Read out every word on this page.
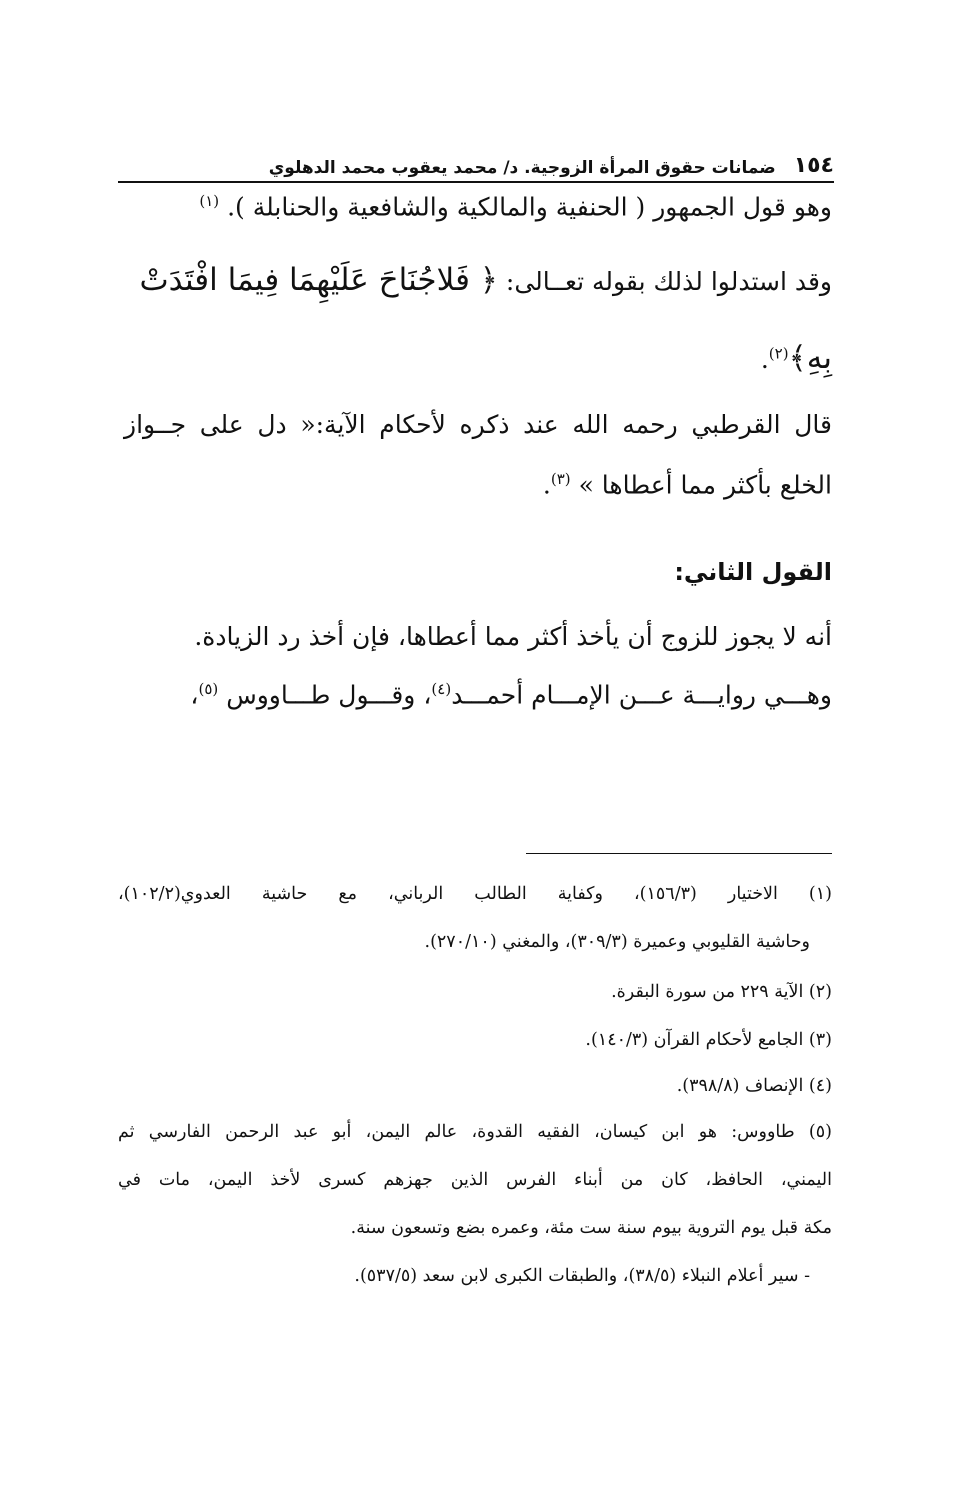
١٥٤
ضمانات حقوق المرأة الزوجية. د/ محمد يعقوب محمد الدهلوي
وهو قول الجمهور ( الحنفية والمالكية والشافعية والحنابلة ). $^{(١)}$
وقد استدلوا لذلك بقوله تعــالى: ﴿ فَلاجُنَاحَ عَلَيْهِمَا فِيمَا افْتَدَتْ
بِهِ﴾$^{(٢)}$.
قال القرطبي رحمه الله عند ذكره لأحكام الآية:« دل على جــواز
الخلع بأكثر مما أعطاها » $^{(٣)}$.
القول الثاني:
أنه لا يجوز للزوج أن يأخذ أكثر مما أعطاها، فإن أخذ رد الزيادة.
وهـــي روايـــة عـــن الإمـــام أحمـــد$^{(٤)}$، وقـــول طـــاووس $^{(٥)}$،
(١) الاختيار (١٥٦/٣)، وكفاية الطالب الرباني، مع حاشية العدوي(١٠٢/٢)،
وحاشية القليوبي وعميرة (٣٠٩/٣)، والمغني (٢٧٠/١٠).
(٢) الآية ٢٢٩ من سورة البقرة.
(٣) الجامع لأحكام القرآن (١٤٠/٣).
(٤) الإنصاف (٣٩٨/٨).
(٥) طاووس: هو ابن كيسان، الفقيه القدوة، عالم اليمن، أبو عبد الرحمن الفارسي ثم
اليمني، الحافظ، كان من أبناء الفرس الذين جهزهم كسرى لأخذ اليمن، مات في
مكة قبل يوم التروية بيوم سنة ست مئة، وعمره بضع وتسعون سنة.
- سير أعلام النبلاء (٣٨/٥)، والطبقات الكبرى لابن سعد (٥٣٧/٥).
